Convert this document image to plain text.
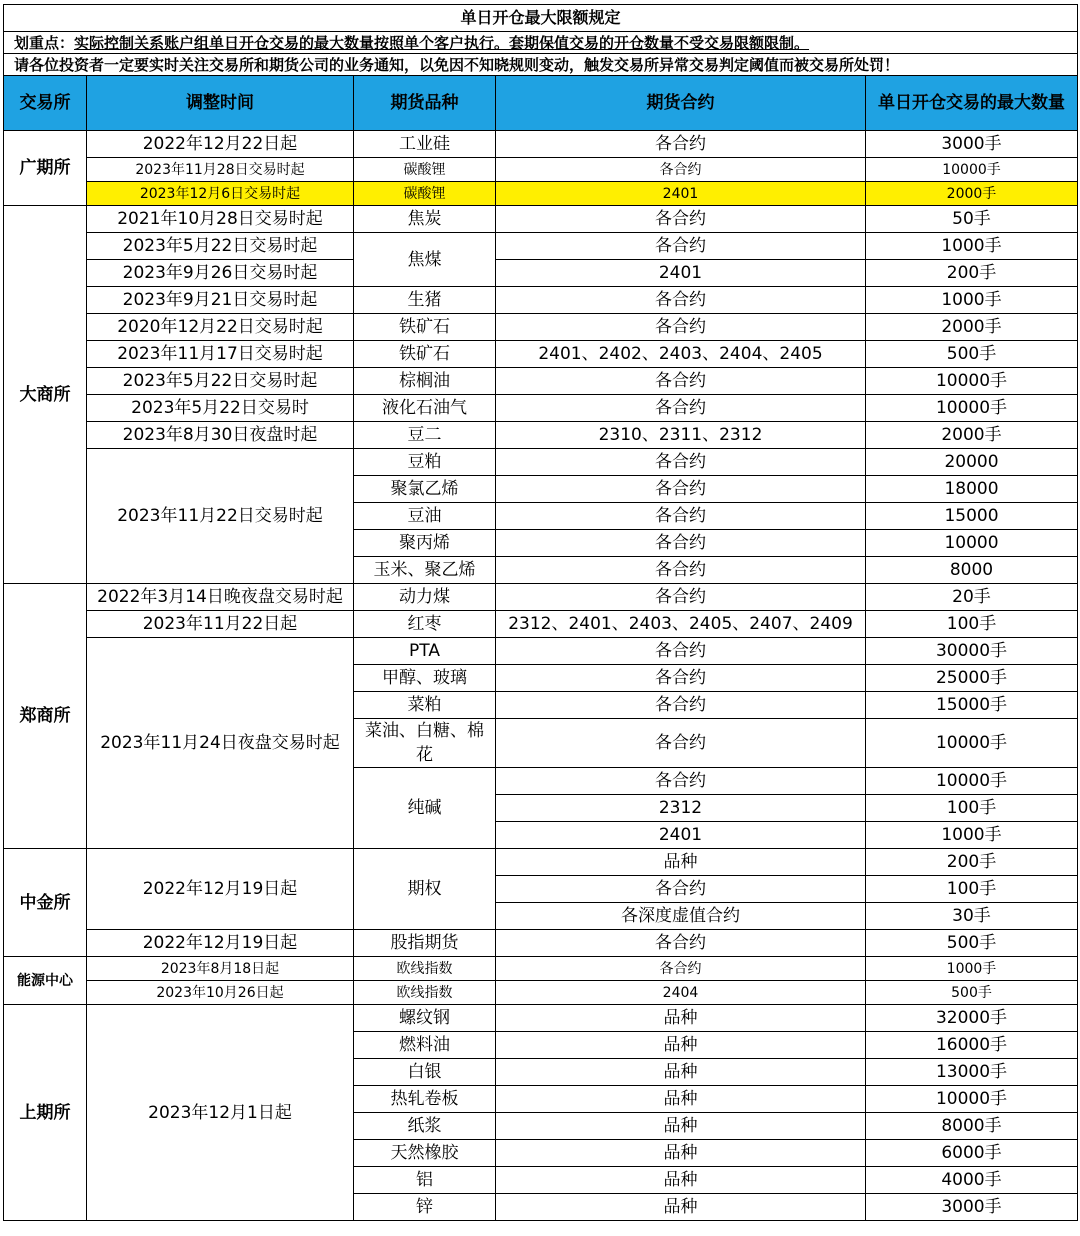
单日开仓最大限额规定				
划重点：实际控制关系账户组单日开仓交易的最大数量按照单个客户执行。套期保值交易的开仓数量不受交易限额限制。				
请各位投资者一定要实时关注交易所和期货公司的业务通知，以免因不知晓规则变动，触发交易所异常交易判定阈值而被交易所处罚！				
交易所	调整时间	期货品种	期货合约	单日开仓交易的最大数量
广期所	2022年12月22日起	工业硅	各合约	3000手
	2023年11月28日交易时起	碳酸锂	各合约	10000手
	2023年12月6日交易时起	碳酸锂	2401	2000手
大商所	2021年10月28日交易时起	焦炭	各合约	50手
	2023年5月22日交易时起	焦煤	各合约	1000手
	2023年9月26日交易时起		2401	200手
	2023年9月21日交易时起	生猪	各合约	1000手
	2020年12月22日交易时起	铁矿石	各合约	2000手
	2023年11月17日交易时起	铁矿石	2401、2402、2403、2404、2405	500手
	2023年5月22日交易时起	棕榈油	各合约	10000手
	2023年5月22日交易时	液化石油气	各合约	10000手
	2023年8月30日夜盘时起	豆二	2310、2311、2312	2000手
	2023年11月22日交易时起	豆粕	各合约	20000
		聚氯乙烯	各合约	18000
		豆油	各合约	15000
		聚丙烯	各合约	10000
		玉米、聚乙烯	各合约	8000
郑商所	2022年3月14日晚夜盘交易时起	动力煤	各合约	20手
	2023年11月22日起	红枣	2312、2401、2403、2405、2407、2409	100手

	2023年11月24日夜盘交易时起	PTA	各合约	30000手
		甲醇、玻璃	各合约	25000手
		菜粕	各合约	15000手

		菜油、白糖、棉花	各合约	10000手
		纯碱	各合约	10000手
			2312	100手
			2401	1000手
中金所	2022年12月19日起	期权	品种	200手
			各合约	100手
			各深度虚值合约	30手
	2022年12月19日起	股指期货	各合约	500手
能源中心	2023年8月18日起	欧线指数	各合约	1000手
	2023年10月26日起	欧线指数	2404	500手
上期所	2023年12月1日起	螺纹钢	品种	32000手
		燃料油	品种	16000手
		白银	品种	13000手
		热轧卷板	品种	10000手
		纸浆	品种	8000手
		天然橡胶	品种	6000手
		铝	品种	4000手
		锌	品种	3000手
